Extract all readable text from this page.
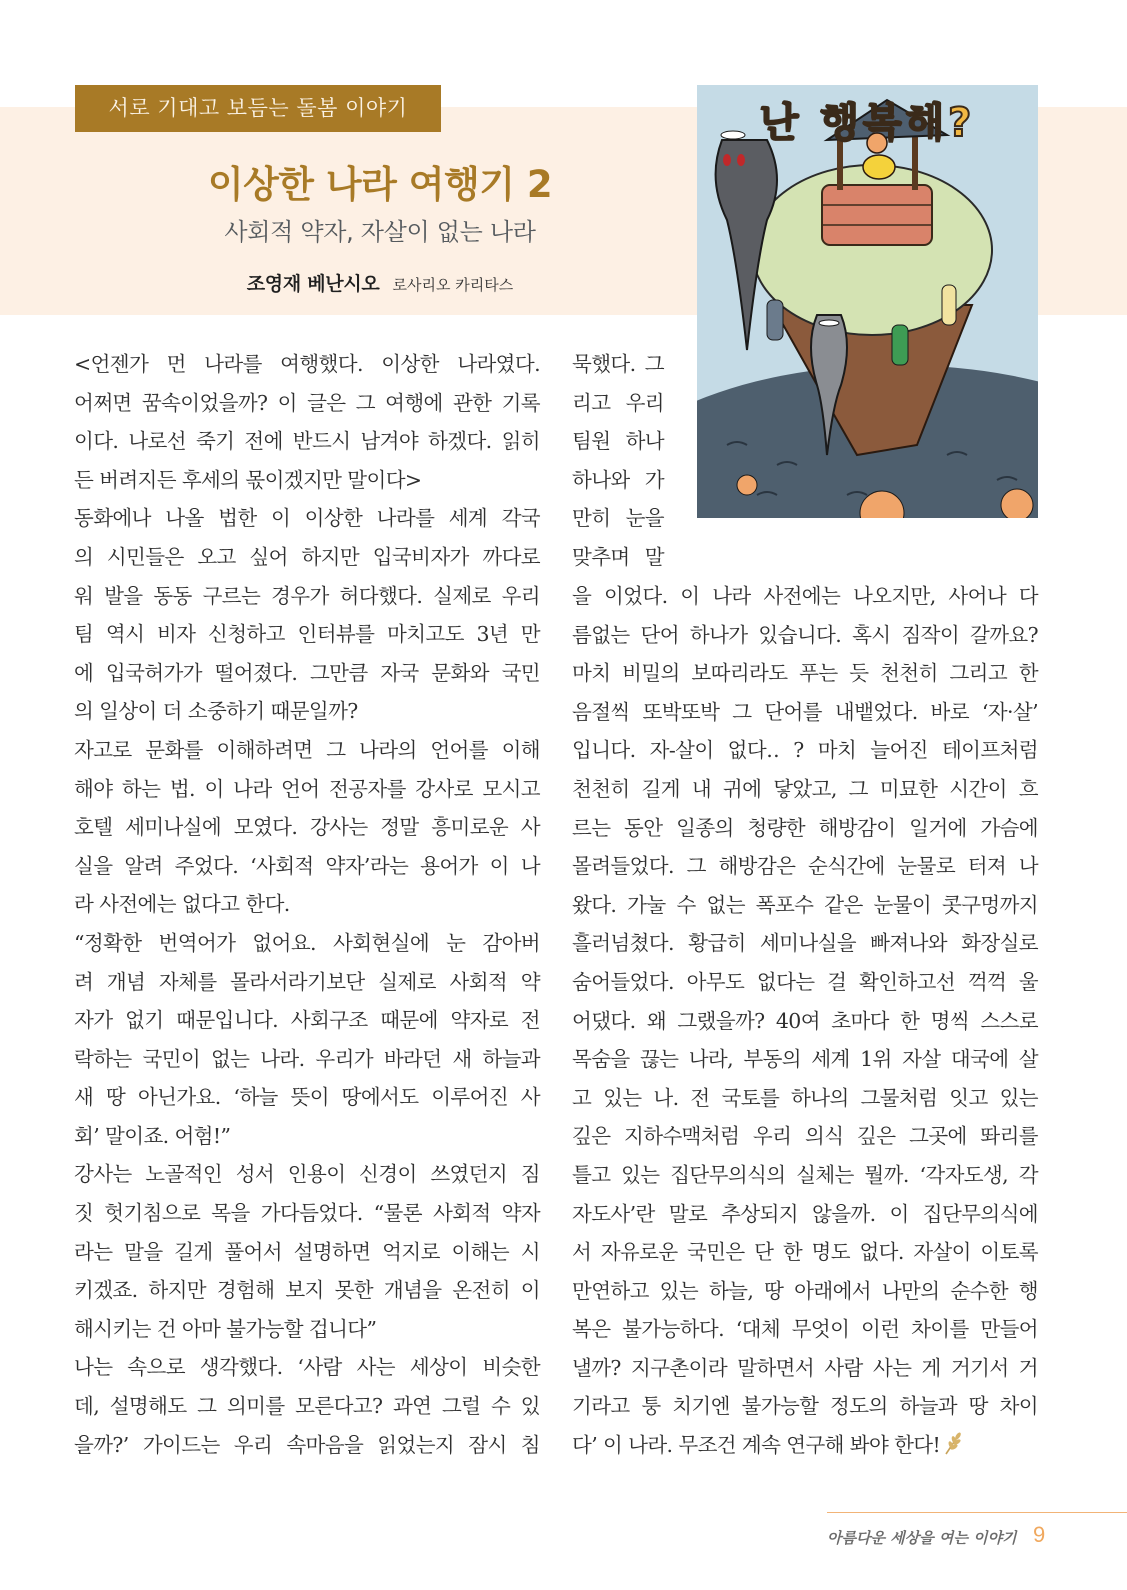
서로 기대고 보듬는 돌봄 이야기
이상한 나라 여행기 2
사회적 약자, 자살이 없는 나라
조영재 베난시오 로사리오 카리타스
난 행복해?
<언젠가 먼 나라를 여행했다. 이상한 나라였다.
어쩌면 꿈속이었을까? 이 글은 그 여행에 관한 기록
이다. 나로선 죽기 전에 반드시 남겨야 하겠다. 읽히
든 버려지든 후세의 몫이겠지만 말이다>
동화에나 나올 법한 이 이상한 나라를 세계 각국
의 시민들은 오고 싶어 하지만 입국비자가 까다로
워 발을 동동 구르는 경우가 허다했다. 실제로 우리
팀 역시 비자 신청하고 인터뷰를 마치고도 3년 만
에 입국허가가 떨어졌다. 그만큼 자국 문화와 국민
의 일상이 더 소중하기 때문일까?
자고로 문화를 이해하려면 그 나라의 언어를 이해
해야 하는 법. 이 나라 언어 전공자를 강사로 모시고
호텔 세미나실에 모였다. 강사는 정말 흥미로운 사
실을 알려 주었다. ‘사회적 약자’라는 용어가 이 나
라 사전에는 없다고 한다.
“정확한 번역어가 없어요. 사회현실에 눈 감아버
려 개념 자체를 몰라서라기보단 실제로 사회적 약
자가 없기 때문입니다. 사회구조 때문에 약자로 전
락하는 국민이 없는 나라. 우리가 바라던 새 하늘과
새 땅 아닌가요. ‘하늘 뜻이 땅에서도 이루어진 사
회’ 말이죠. 어험!”
강사는 노골적인 성서 인용이 신경이 쓰였던지 짐
짓 헛기침으로 목을 가다듬었다. “물론 사회적 약자
라는 말을 길게 풀어서 설명하면 억지로 이해는 시
키겠죠. 하지만 경험해 보지 못한 개념을 온전히 이
해시키는 건 아마 불가능할 겁니다”
나는 속으로 생각했다. ‘사람 사는 세상이 비슷한
데, 설명해도 그 의미를 모른다고? 과연 그럴 수 있
을까?’ 가이드는 우리 속마음을 읽었는지 잠시 침
묵했다. 그
리고 우리
팀원 하나
하나와 가
만히 눈을
맞추며 말
을 이었다. 이 나라 사전에는 나오지만, 사어나 다
름없는 단어 하나가 있습니다. 혹시 짐작이 갈까요?
마치 비밀의 보따리라도 푸는 듯 천천히 그리고 한
음절씩 또박또박 그 단어를 내뱉었다. 바로 ‘자·살’
입니다. 자-살이 없다‥ ? 마치 늘어진 테이프처럼
천천히 길게 내 귀에 닿았고, 그 미묘한 시간이 흐
르는 동안 일종의 청량한 해방감이 일거에 가슴에
몰려들었다. 그 해방감은 순식간에 눈물로 터져 나
왔다. 가눌 수 없는 폭포수 같은 눈물이 콧구멍까지
흘러넘쳤다. 황급히 세미나실을 빠져나와 화장실로
숨어들었다. 아무도 없다는 걸 확인하고선 꺽꺽 울
어댔다. 왜 그랬을까? 40여 초마다 한 명씩 스스로
목숨을 끊는 나라, 부동의 세계 1위 자살 대국에 살
고 있는 나. 전 국토를 하나의 그물처럼 잇고 있는
깊은 지하수맥처럼 우리 의식 깊은 그곳에 똬리를
틀고 있는 집단무의식의 실체는 뭘까. ‘각자도생, 각
자도사’란 말로 추상되지 않을까. 이 집단무의식에
서 자유로운 국민은 단 한 명도 없다. 자살이 이토록
만연하고 있는 하늘, 땅 아래에서 나만의 순수한 행
복은 불가능하다. ‘대체 무엇이 이런 차이를 만들어
낼까? 지구촌이라 말하면서 사람 사는 게 거기서 거
기라고 퉁 치기엔 불가능할 정도의 하늘과 땅 차이
다’ 이 나라. 무조건 계속 연구해 봐야 한다!
아름다운 세상을 여는 이야기 9
